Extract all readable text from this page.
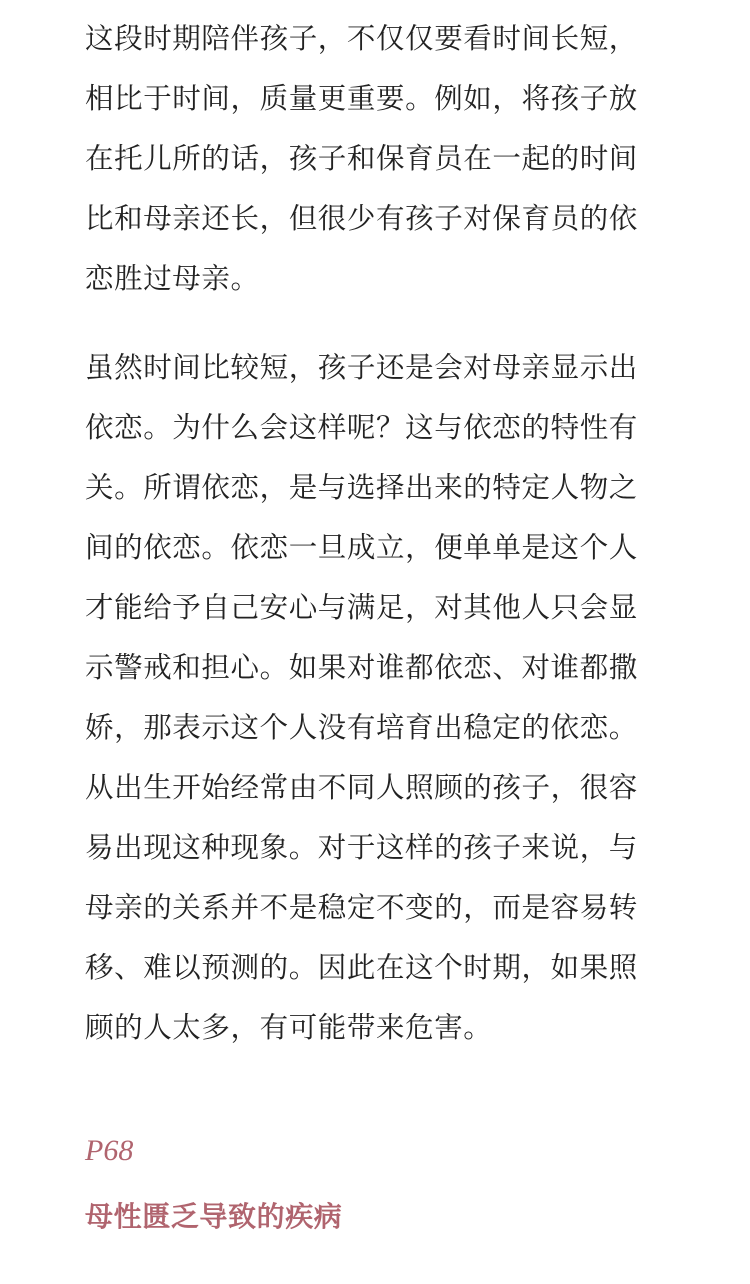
这段时期陪伴孩子，不仅仅要看时间长短，
相比于时间，质量更重要。例如，将孩子放
在托儿所的话，孩子和保育员在一起的时间
比和母亲还长，但很少有孩子对保育员的依
恋胜过母亲。

虽然时间比较短，孩子还是会对母亲显示出
依恋。为什么会这样呢？这与依恋的特性有
关。所谓依恋，是与选择出来的特定人物之
间的依恋。依恋一旦成立，便单单是这个人
才能给予自己安心与满足，对其他人只会显
示警戒和担心。如果对谁都依恋、对谁都撒
娇，那表示这个人没有培育出稳定的依恋。
从出生开始经常由不同人照顾的孩子，很容
易出现这种现象。对于这样的孩子来说，与
母亲的关系并不是稳定不变的，而是容易转
移、难以预测的。因此在这个时期，如果照
顾的人太多，有可能带来危害。

P68

母性匮乏导致的疾病
